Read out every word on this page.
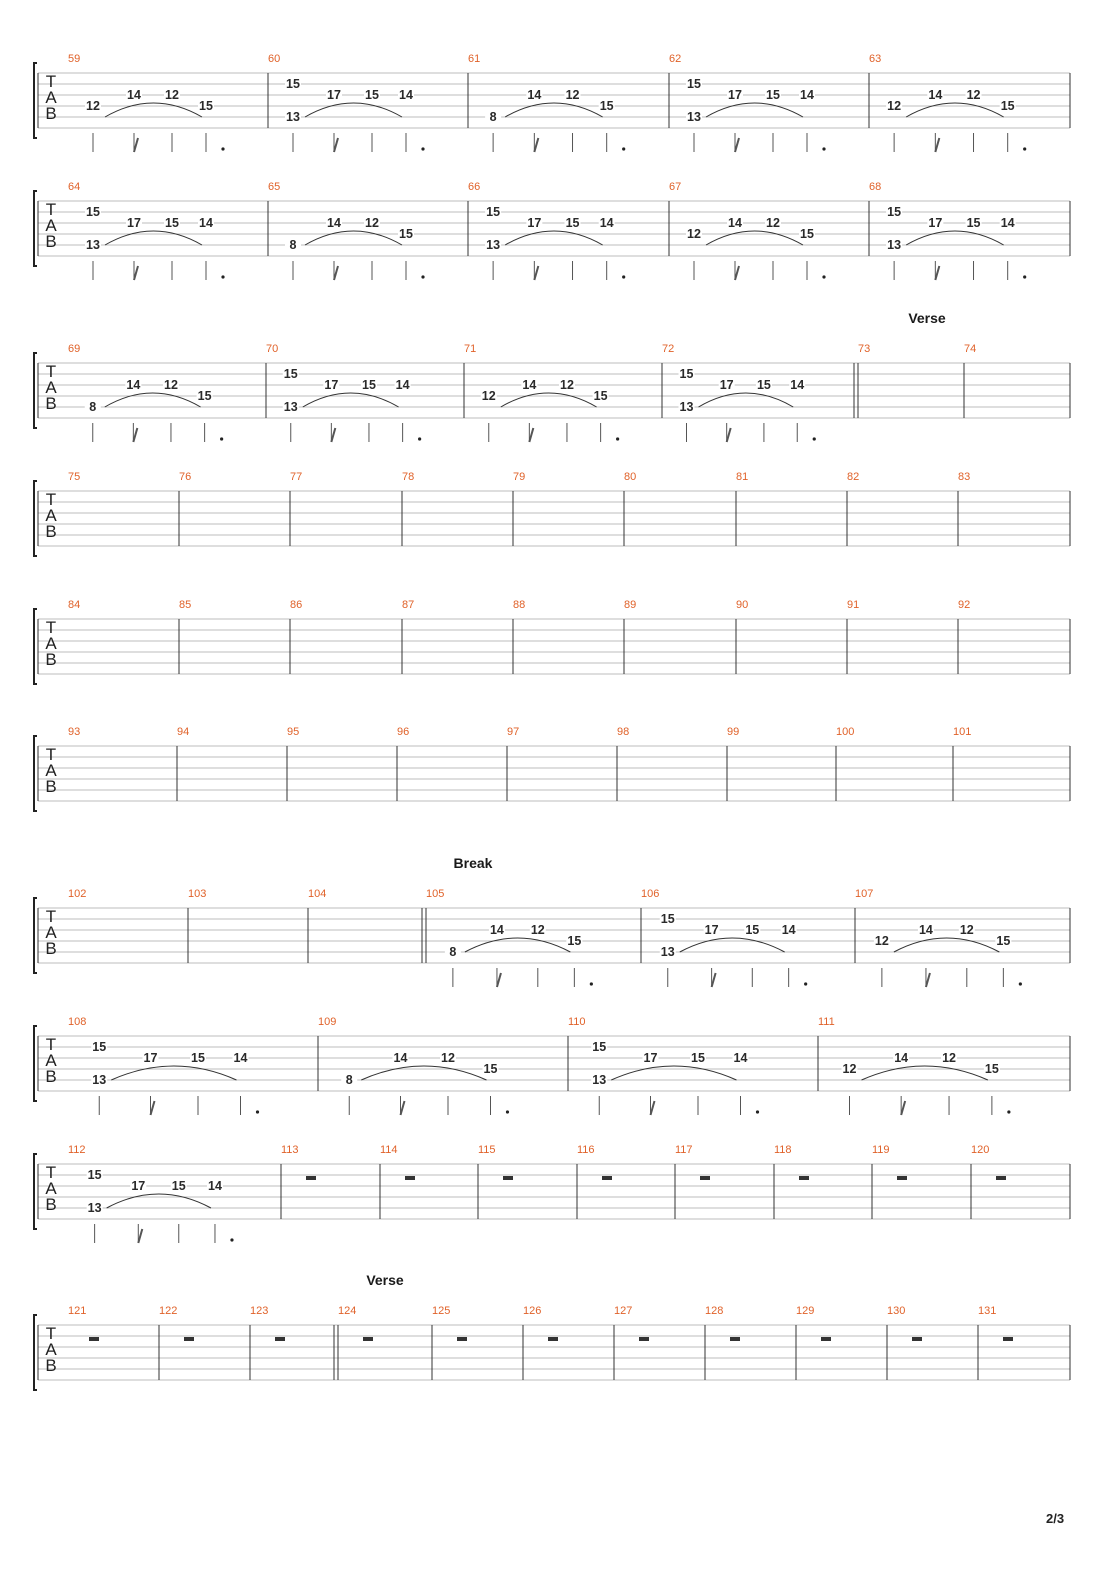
T
A
B
59
12
14 12
15
60
15
13
17 15 14
61
8
14 12
15
62
15
13
17 15 14
63
12
14 12
15
T
A
B
64
15
13
17 15 14
65
8
14 12
15
66
15
13
17 15 14
67
12
14 12
15
68
15
13
17 15 14
T
A
B
Verse
69
8
14 12
15
70
15
13
17 15 14
71
12
14 12
15
72
15
13
17 15 14
73	74
T
A
B
75	76	77	78	79	80	81	82	83
T
A
B
84	85	86	87	88	89	90	91	92
T
A
B
93	94	95	96	97	98	99	100	101
T
A
B
Break
102	103	104	105
8
14 12
15
106
15
13
17 15 14
107
12
14 12
15
T
A
B
108
15
13
17	15 14
109
8
14	12
15
110
15
13
17	15 14
111
12
14	12
15
T
A
B
112
15
13
17 15 14
113	114	115	116	117	118	119	120
T
A
B
Verse
121	122	123	124	125	126	127	128	129	130	131
2/3
